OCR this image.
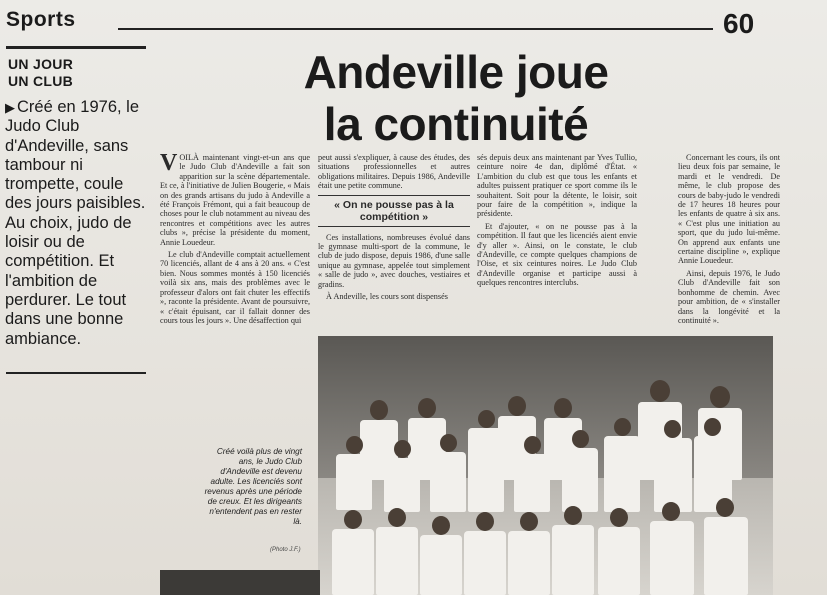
Sports	60
UN JOUR
UN CLUB
▶ Créé en 1976, le Judo Club d'Andeville, sans tambour ni trompette, coule des jours paisibles. Au choix, judo de loisir ou de compétition. Et l'ambition de perdurer. Le tout dans une bonne ambiance.
Andeville joue
la continuité

VOILÀ maintenant vingt-et-un ans que le Judo Club d'Andeville a fait son apparition sur la scène départementale. Et ce, à l'initiative de Julien Bougerie, « Mais on des grands artisans du judo à Andeville a été François Frémont, qui a fait beaucoup de choses pour le club notamment au niveau des rencontres et compétitions avec les autres clubs », précise la présidente du moment, Annie Louedeur.

Le club d'Andeville comptait actuellement 70 licenciés, allant de 4 ans à 20 ans. « C'est bien. Nous sommes montés à 150 licenciés voilà six ans, mais des problèmes avec le professeur d'alors ont fait chuter les effectifs », raconte la présidente. Avant de poursuivre, « c'était épuisant, car il fallait donner des cours tous les jours ». Une désaffection qui

peut aussi s'expliquer, à cause des études, des situations professionnelles et autres obligations militaires. Depuis 1986, Andeville était une petite commune.

« On ne pousse pas à la compétition »

Ces installations, nombreuses évolué dans le gymnase multi-sport de la commune, le club de judo dispose, depuis 1986, d'une salle unique au gymnase, appelée tout simplement « salle de judo », avec douches, vestiaires et gradins.

À Andeville, les cours sont dispensés

sés depuis deux ans maintenant par Yves Tullio, ceinture noire 4e dan, diplômé d'État. « L'ambition du club est que tous les enfants et adultes puissent pratiquer ce sport comme ils le souhaitent. Soit pour la détente, le loisir, soit pour faire de la compétition », indique la présidente.

Et d'ajouter, « on ne pousse pas à la compétition. Il faut que les licenciés aient envie d'y aller ». Ainsi, on le constate, le club d'Andeville, ce compte quelques champions de l'Oise, et six ceintures noires. Le Judo Club d'Andeville organise et participe aussi à quelques rencontres interclubs.

Concernant les cours, ils ont lieu deux fois par semaine, le mardi et le vendredi. De même, le club propose des cours de baby-judo le vendredi de 17 heures 18 heures pour les enfants de quatre à six ans. « C'est plus une initiation au sport, que du judo lui-même. On apprend aux enfants une certaine discipline », explique Annie Louedeur.

Ainsi, depuis 1976, le Judo Club d'Andeville fait son bonhomme de chemin. Avec pour ambition, de « s'installer dans la longévité et la continuité ».

Créé voilà plus de vingt ans, le Judo Club d'Andeville est devenu adulte. Les licenciés sont revenus après une période de creux. Et les dirigeants n'entendent pas en rester là.
(Photo J.F.)
